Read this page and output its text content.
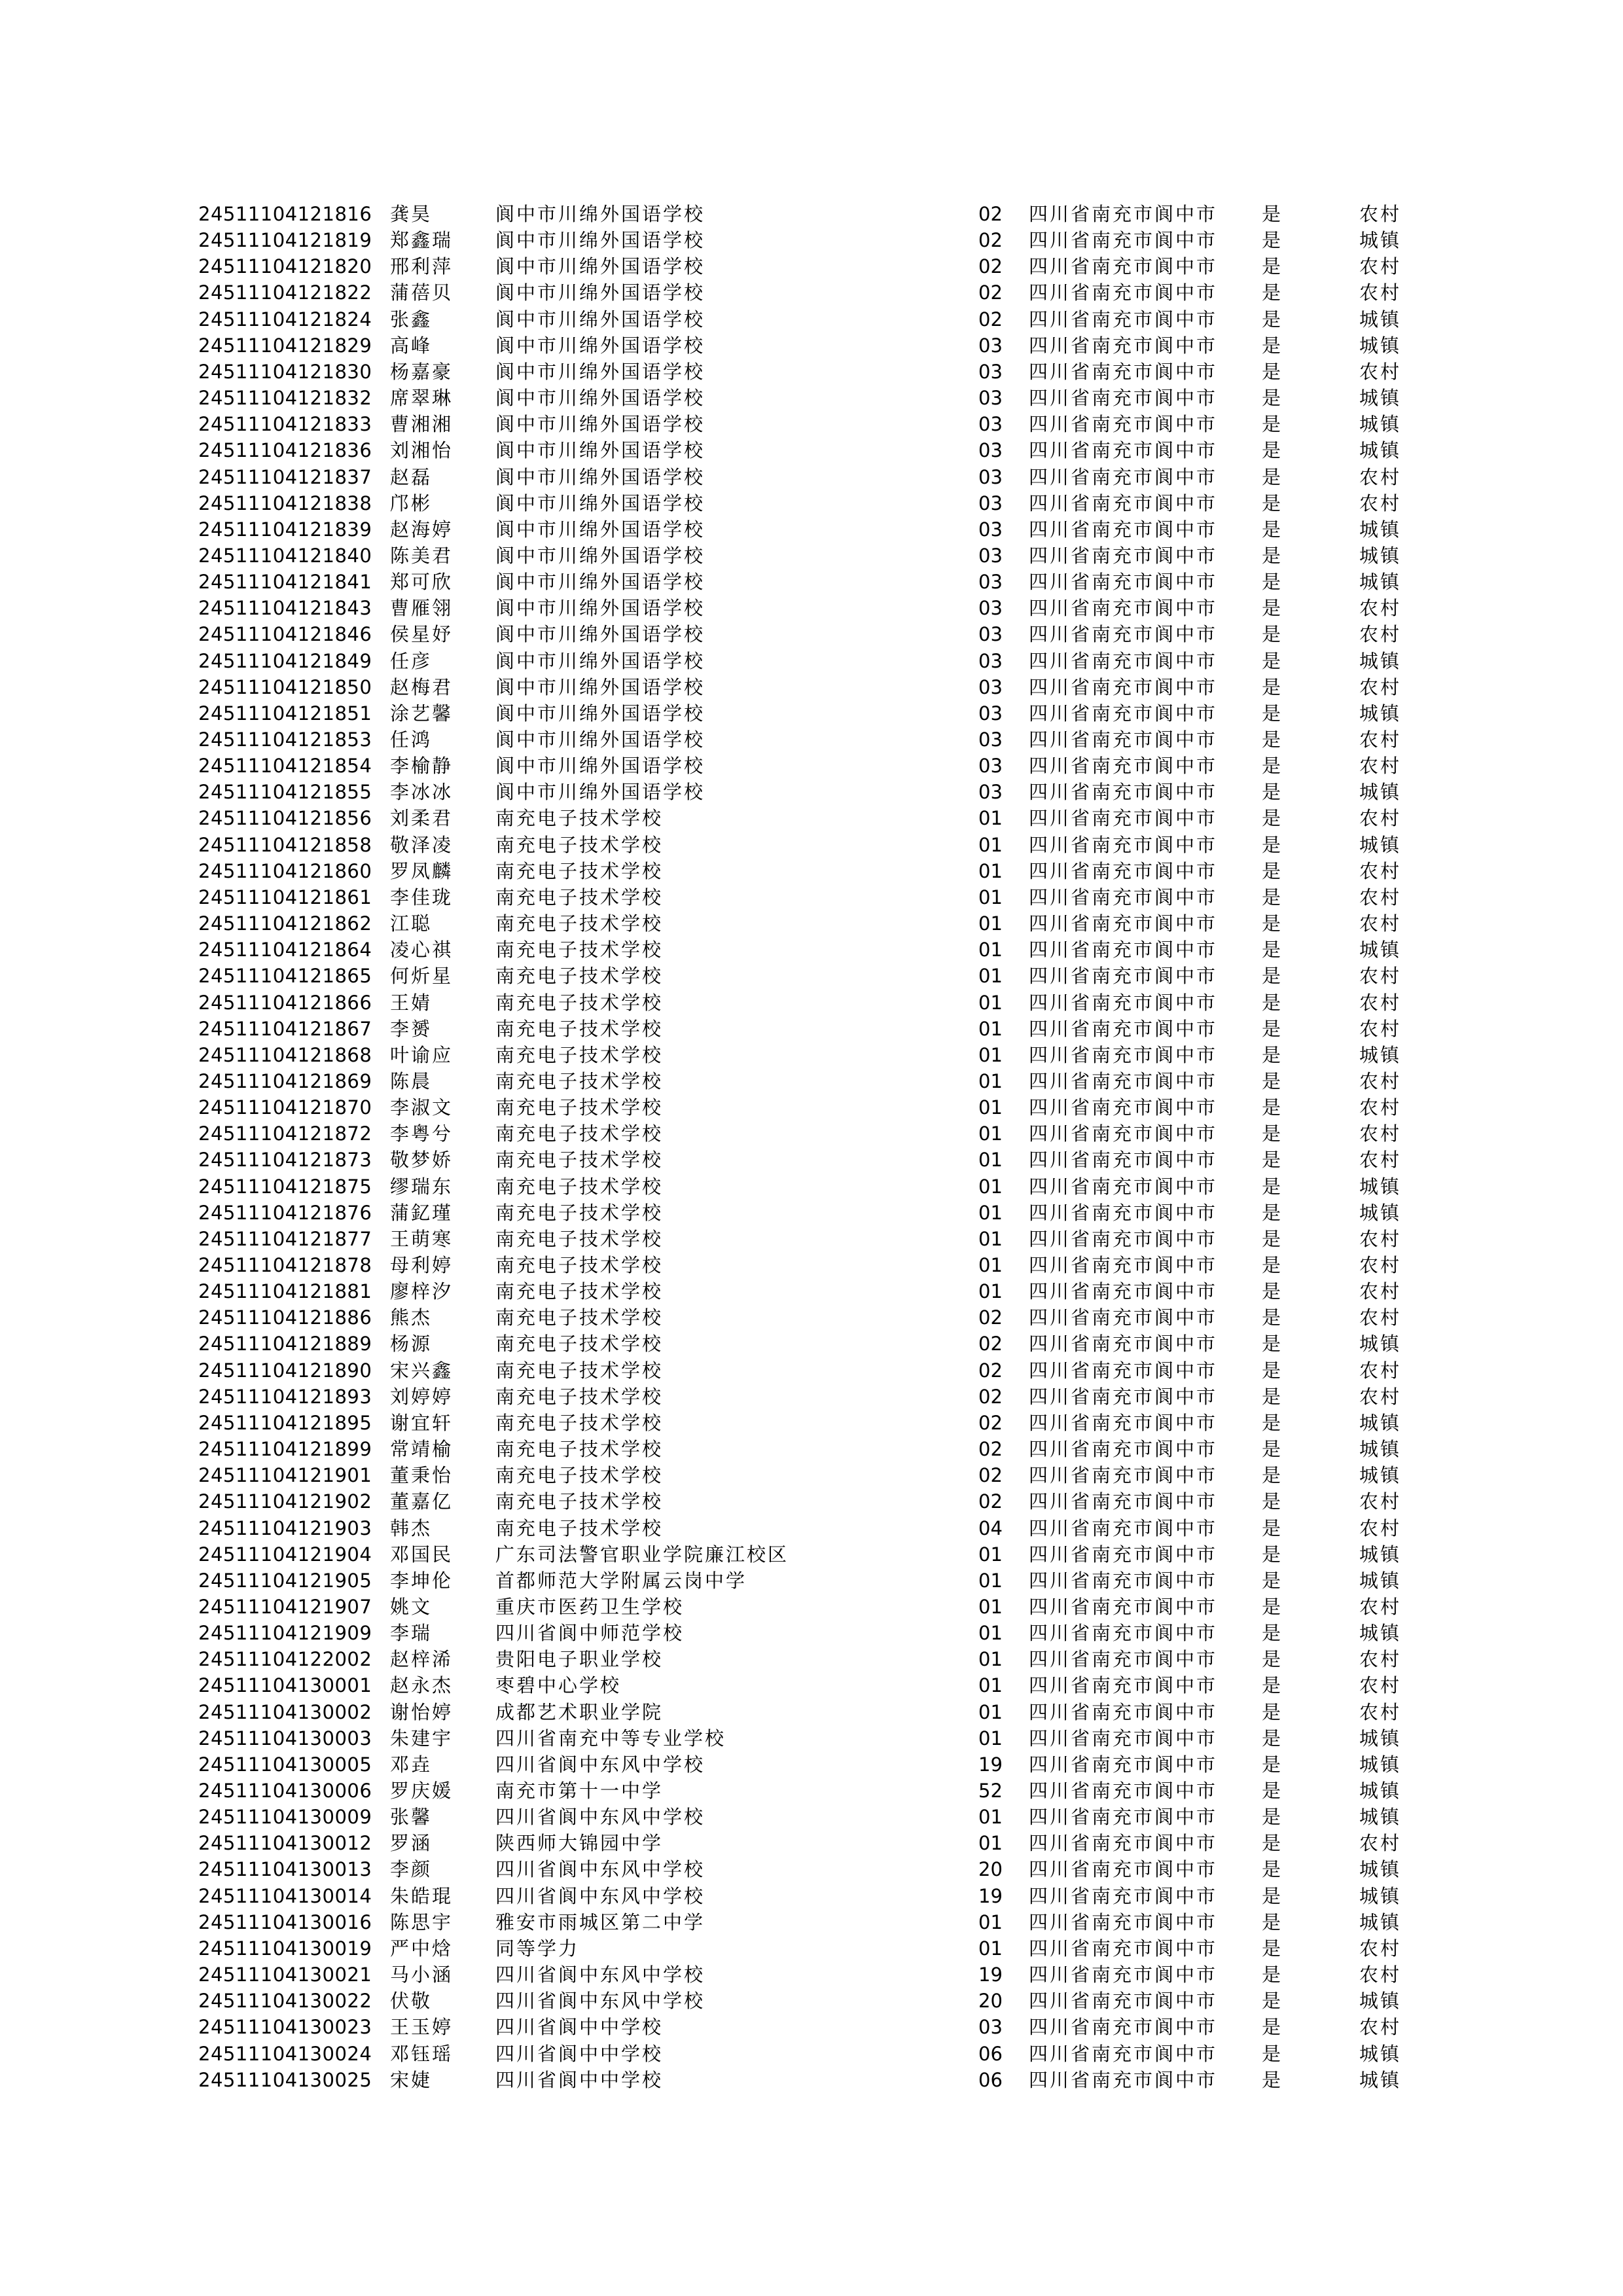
24511104121816 龚昊	阆中市川绵外国语学校	02 四川省南充市阆中市 是	农村
24511104121819 郑鑫瑞 阆中市川绵外国语学校	02 四川省南充市阆中市 是	城镇
24511104121820 邢利萍 阆中市川绵外国语学校	02 四川省南充市阆中市 是	农村
24511104121822 蒲蓓贝 阆中市川绵外国语学校	02 四川省南充市阆中市 是	农村
24511104121824 张鑫	阆中市川绵外国语学校	02 四川省南充市阆中市 是	城镇
24511104121829 高峰	阆中市川绵外国语学校	03 四川省南充市阆中市 是	城镇
24511104121830 杨嘉豪 阆中市川绵外国语学校	03 四川省南充市阆中市 是	农村
24511104121832 席翠琳 阆中市川绵外国语学校	03 四川省南充市阆中市 是	城镇
24511104121833 曹湘湘 阆中市川绵外国语学校	03 四川省南充市阆中市 是	城镇
24511104121836 刘湘怡 阆中市川绵外国语学校	03 四川省南充市阆中市 是	城镇
24511104121837 赵磊	阆中市川绵外国语学校	03 四川省南充市阆中市 是	农村
24511104121838 邝彬	阆中市川绵外国语学校	03 四川省南充市阆中市 是	农村
24511104121839 赵海婷 阆中市川绵外国语学校	03 四川省南充市阆中市 是	城镇
24511104121840 陈美君 阆中市川绵外国语学校	03 四川省南充市阆中市 是	城镇
24511104121841 郑可欣 阆中市川绵外国语学校	03 四川省南充市阆中市 是	城镇
24511104121843 曹雁翎 阆中市川绵外国语学校	03 四川省南充市阆中市 是	农村
24511104121846 侯星妤 阆中市川绵外国语学校	03 四川省南充市阆中市 是	农村
24511104121849 任彦	阆中市川绵外国语学校	03 四川省南充市阆中市 是	城镇
24511104121850 赵梅君 阆中市川绵外国语学校	03 四川省南充市阆中市 是	农村
24511104121851 涂艺馨 阆中市川绵外国语学校	03 四川省南充市阆中市 是	城镇
24511104121853 任鸿	阆中市川绵外国语学校	03 四川省南充市阆中市 是	农村
24511104121854 李榆静 阆中市川绵外国语学校	03 四川省南充市阆中市 是	农村
24511104121855 李冰冰 阆中市川绵外国语学校	03 四川省南充市阆中市 是	城镇
24511104121856 刘柔君 南充电子技术学校	01 四川省南充市阆中市 是	农村
24511104121858 敬泽凌 南充电子技术学校	01 四川省南充市阆中市 是	城镇
24511104121860 罗凤麟 南充电子技术学校	01 四川省南充市阆中市 是	农村
24511104121861 李佳珑 南充电子技术学校	01 四川省南充市阆中市 是	农村
24511104121862 江聪	南充电子技术学校	01 四川省南充市阆中市 是	农村
24511104121864 凌心祺 南充电子技术学校	01 四川省南充市阆中市 是	城镇
24511104121865 何炘星 南充电子技术学校	01 四川省南充市阆中市 是	农村
24511104121866 王婧	南充电子技术学校	01 四川省南充市阆中市 是	农村
24511104121867 李赟	南充电子技术学校	01 四川省南充市阆中市 是	农村
24511104121868 叶谕应 南充电子技术学校	01 四川省南充市阆中市 是	城镇
24511104121869 陈晨	南充电子技术学校	01 四川省南充市阆中市 是	农村
24511104121870 李淑文 南充电子技术学校	01 四川省南充市阆中市 是	农村
24511104121872 李粤兮 南充电子技术学校	01 四川省南充市阆中市 是	农村
24511104121873 敬梦娇 南充电子技术学校	01 四川省南充市阆中市 是	农村
24511104121875 缪瑞东 南充电子技术学校	01 四川省南充市阆中市 是	城镇
24511104121876 蒲釔瑾 南充电子技术学校	01 四川省南充市阆中市 是	城镇
24511104121877 王萌寒 南充电子技术学校	01 四川省南充市阆中市 是	农村
24511104121878 母利婷 南充电子技术学校	01 四川省南充市阆中市 是	农村
24511104121881 廖梓汐 南充电子技术学校	01 四川省南充市阆中市 是	农村
24511104121886 熊杰	南充电子技术学校	02 四川省南充市阆中市 是	农村
24511104121889 杨源	南充电子技术学校	02 四川省南充市阆中市 是	城镇
24511104121890 宋兴鑫 南充电子技术学校	02 四川省南充市阆中市 是	农村
24511104121893 刘婷婷 南充电子技术学校	02 四川省南充市阆中市 是	农村
24511104121895 谢宜轩 南充电子技术学校	02 四川省南充市阆中市 是	城镇
24511104121899 常靖榆 南充电子技术学校	02 四川省南充市阆中市 是	城镇
24511104121901 董秉怡 南充电子技术学校	02 四川省南充市阆中市 是	城镇
24511104121902 董嘉亿 南充电子技术学校	02 四川省南充市阆中市 是	农村
24511104121903 韩杰	南充电子技术学校	04 四川省南充市阆中市 是	农村
24511104121904 邓国民 广东司法警官职业学院廉江校区	01 四川省南充市阆中市 是	城镇
24511104121905 李坤伦 首都师范大学附属云岗中学	01 四川省南充市阆中市 是	城镇
24511104121907 姚文	重庆市医药卫生学校	01 四川省南充市阆中市 是	农村
24511104121909 李瑞	四川省阆中师范学校	01 四川省南充市阆中市 是	城镇
24511104122002 赵梓浠 贵阳电子职业学校	01 四川省南充市阆中市 是	农村
24511104130001 赵永杰 枣碧中心学校	01 四川省南充市阆中市 是	农村
24511104130002 谢怡婷 成都艺术职业学院	01 四川省南充市阆中市 是	农村
24511104130003 朱建宇 四川省南充中等专业学校	01 四川省南充市阆中市 是	城镇
24511104130005 邓垚	四川省阆中东风中学校	19 四川省南充市阆中市 是	城镇
24511104130006 罗庆媛 南充市第十一中学	52 四川省南充市阆中市 是	城镇
24511104130009 张馨	四川省阆中东风中学校	01 四川省南充市阆中市 是	城镇
24511104130012 罗涵	陕西师大锦园中学	01 四川省南充市阆中市 是	农村
24511104130013 李颜	四川省阆中东风中学校	20 四川省南充市阆中市 是	城镇
24511104130014 朱皓琨 四川省阆中东风中学校	19 四川省南充市阆中市 是	城镇
24511104130016 陈思宇 雅安市雨城区第二中学	01 四川省南充市阆中市 是	城镇
24511104130019 严中焓 同等学力	01 四川省南充市阆中市 是	农村
24511104130021 马小涵 四川省阆中东风中学校	19 四川省南充市阆中市 是	农村
24511104130022 伏敬	四川省阆中东风中学校	20 四川省南充市阆中市 是	城镇
24511104130023 王玉婷 四川省阆中中学校	03 四川省南充市阆中市 是	农村
24511104130024 邓钰瑶 四川省阆中中学校	06 四川省南充市阆中市 是	城镇
24511104130025 宋婕	四川省阆中中学校	06 四川省南充市阆中市 是	城镇
